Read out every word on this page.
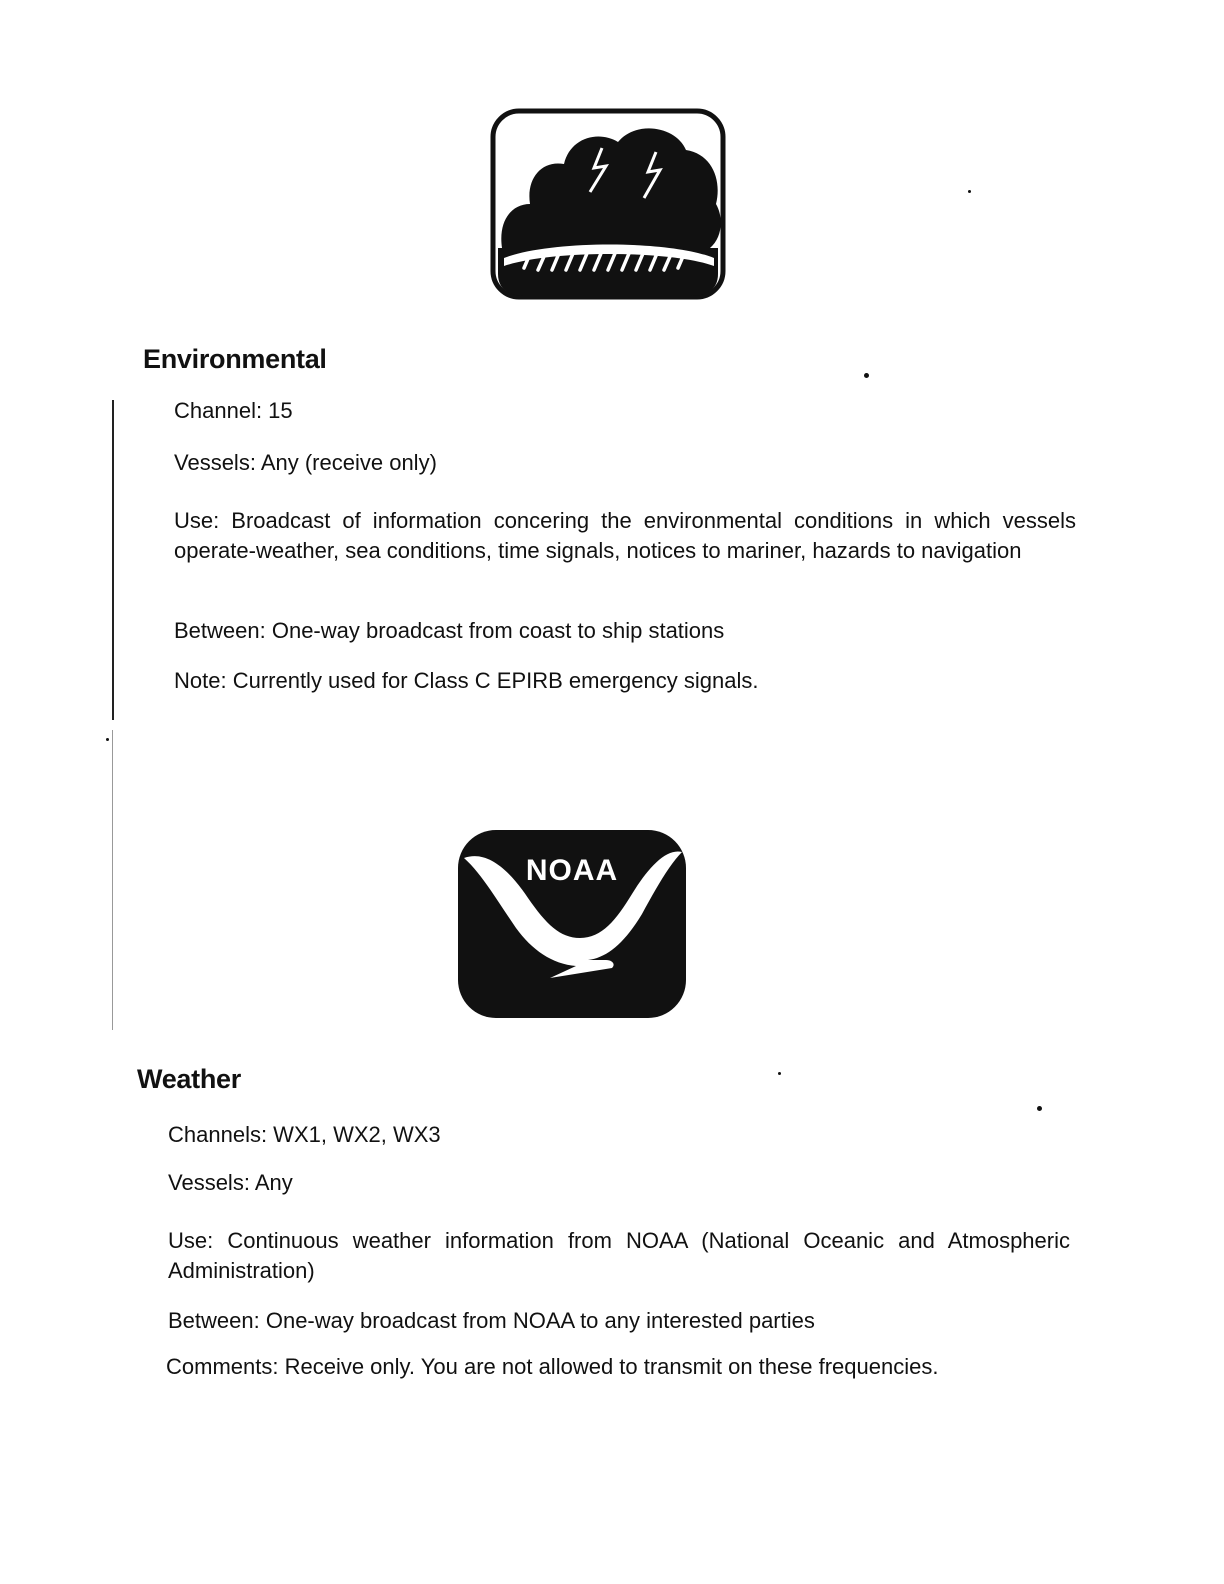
Environmental

Channel: 15

Vessels: Any (receive only)

Use: Broadcast of information concering the environmental conditions in which vessels operate-weather, sea conditions, time signals, notices to mariner, hazards to navigation

Between: One-way broadcast from coast to ship stations

Note: Currently used for Class C EPIRB emergency signals.

NOAA
Weather

Channels: WX1, WX2, WX3

Vessels: Any

Use: Continuous weather information from NOAA (National Oceanic and Atmospheric Administration)

Between: One-way broadcast from NOAA to any interested parties

Comments: Receive only. You are not allowed to transmit on these frequencies.
